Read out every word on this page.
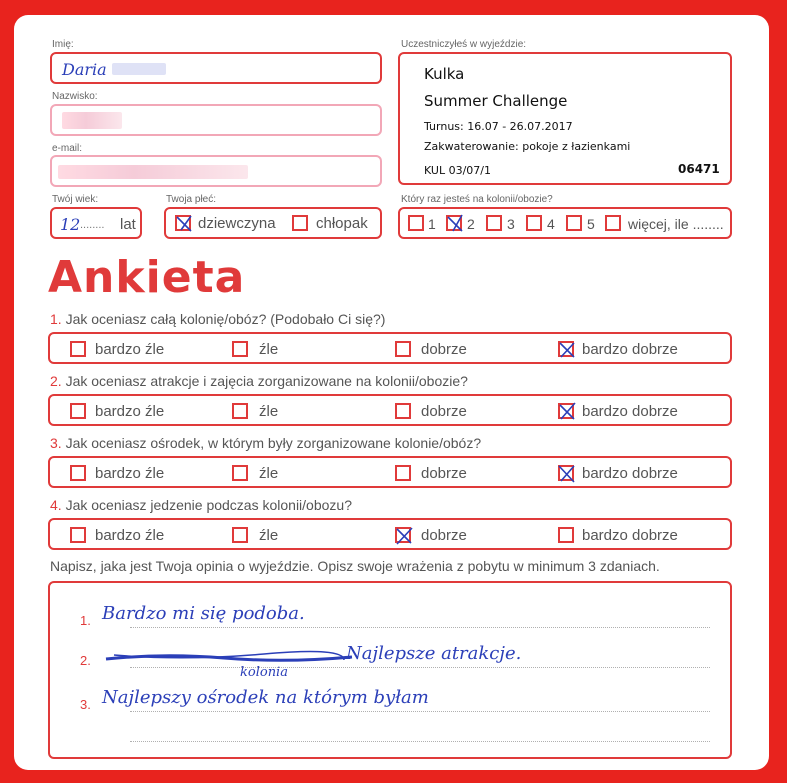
Imię:
Daria
Nazwisko:
e-mail:
Twój wiek:
12 ........ lat
Twoja płeć:
dziewczyna	chłopak
Uczestniczyłeś w wyjeździe:
Kulka
Summer Challenge
Turnus: 16.07 - 26.07.2017
Zakwaterowanie: pokoje z łazienkami
KUL 03/07/1	06471
Który raz jesteś na kolonii/obozie?
1 2 3 4 5 więcej, ile ........
Ankieta
1. Jak oceniasz całą kolonię/obóz? (Podobało Ci się?)
bardzo źle	źle	dobrze	bardzo dobrze
2. Jak oceniasz atrakcje i zajęcia zorganizowane na kolonii/obozie?
bardzo źle	źle	dobrze	bardzo dobrze
3. Jak oceniasz ośrodek, w którym były zorganizowane kolonie/obóz?
bardzo źle	źle	dobrze	bardzo dobrze
4. Jak oceniasz jedzenie podczas kolonii/obozu?
bardzo źle	źle	dobrze	bardzo dobrze
Napisz, jaka jest Twoja opinia o wyjeździe. Opisz swoje wrażenia z pobytu w minimum 3 zdaniach.
1. Bardzo mi się podoba.
2.	Najlepsze atrakcje.
3.
kolonia
Najlepszy ośrodek na którym byłam
